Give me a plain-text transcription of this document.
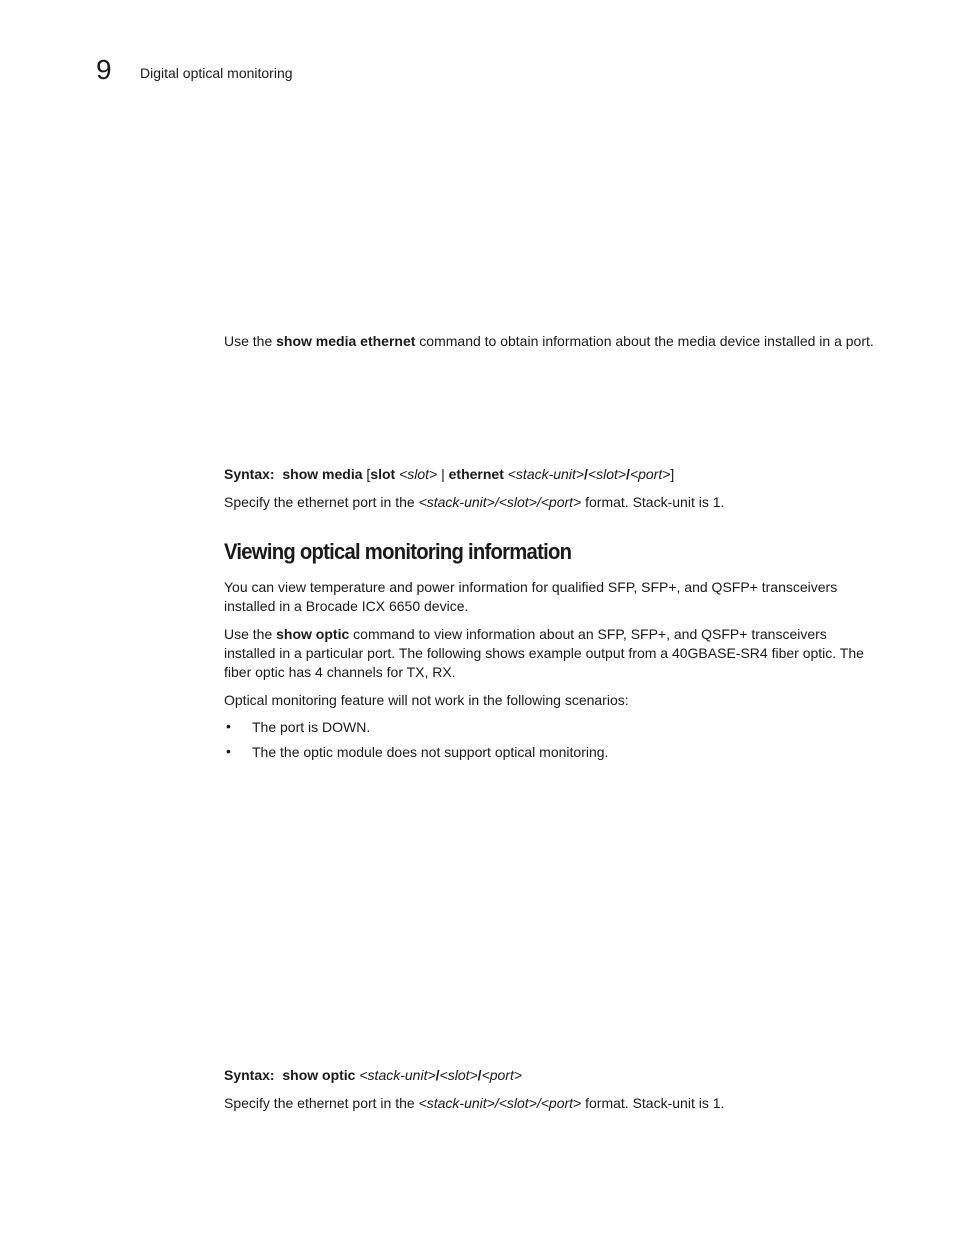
9 Digital optical monitoring

Use the show media ethernet command to obtain information about the media device installed in a port.

Syntax: show media [slot <slot> | ethernet <stack-unit>/<slot>/<port>]

Specify the ethernet port in the <stack-unit>/<slot>/<port> format. Stack-unit is 1.

Viewing optical monitoring information

You can view temperature and power information for qualified SFP, SFP+, and QSFP+ transceivers installed in a Brocade ICX 6650 device.

Use the show optic command to view information about an SFP, SFP+, and QSFP+ transceivers installed in a particular port. The following shows example output from a 40GBASE-SR4 fiber optic. The fiber optic has 4 channels for TX, RX.

Optical monitoring feature will not work in the following scenarios:

• The port is DOWN.
• The the optic module does not support optical monitoring.

Syntax: show optic <stack-unit>/<slot>/<port>

Specify the ethernet port in the <stack-unit>/<slot>/<port> format. Stack-unit is 1.
